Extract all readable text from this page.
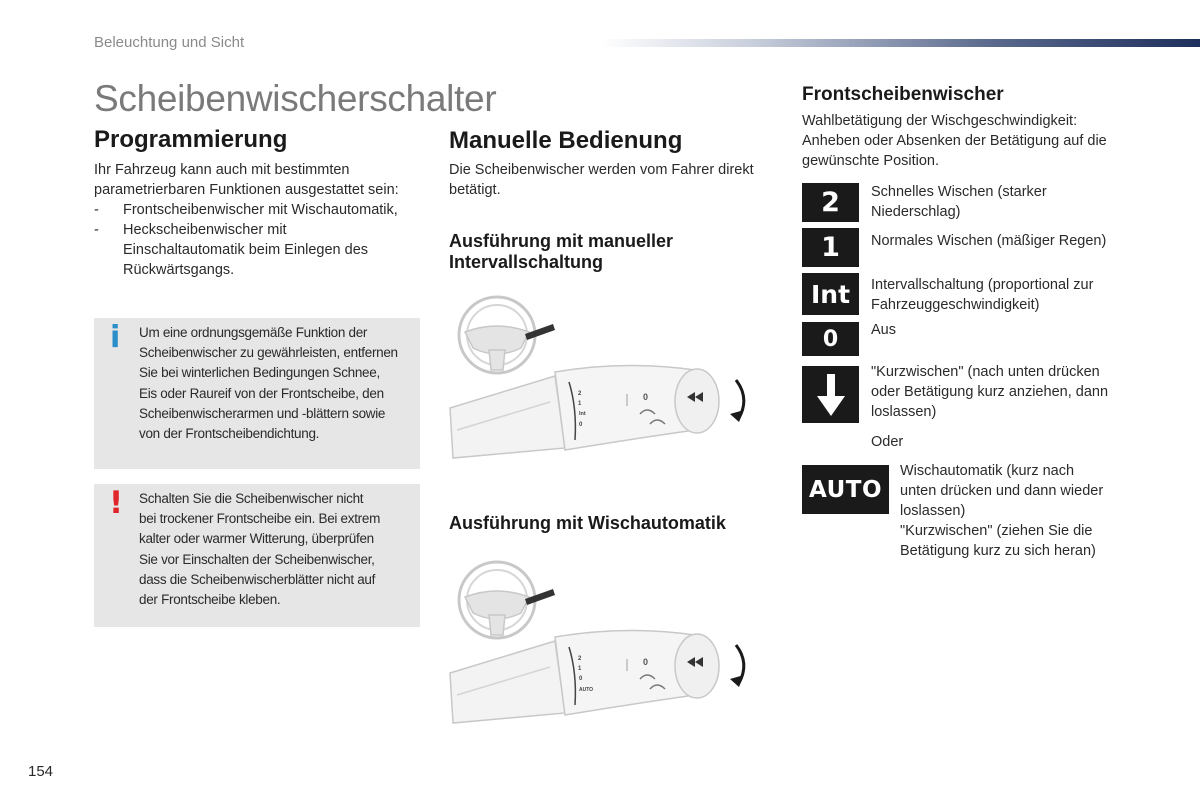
Beleuchtung und Sicht
Scheibenwischerschalter
Programmierung
Ihr Fahrzeug kann auch mit bestimmten
parametrierbaren Funktionen ausgestattet sein:
-	Frontscheibenwischer mit Wischautomatik,
-	Heckscheibenwischer mit
Einschaltautomatik beim Einlegen des
Rückwärtsgangs.
i Um eine ordnungsgemäße Funktion der
Scheibenwischer zu gewährleisten, entfernen
Sie bei winterlichen Bedingungen Schnee,
Eis oder Raureif von der Frontscheibe, den
Scheibenwischerarmen und -blättern sowie
von der Frontscheibendichtung.
! Schalten Sie die Scheibenwischer nicht
bei trockener Frontscheibe ein. Bei extrem
kalter oder warmer Witterung, überprüfen
Sie vor Einschalten der Scheibenwischer,
dass die Scheibenwischerblätter nicht auf
der Frontscheibe kleben.
Manuelle Bedienung
Die Scheibenwischer werden vom Fahrer direkt
betätigt.
Ausführung mit manueller
Intervallschaltung
2
1
Int
0
0
Ausführung mit Wischautomatik
2
1
0
AUTO
0
Frontscheibenwischer
Wahlbetätigung der Wischgeschwindigkeit:
Anheben oder Absenken der Betätigung auf die
gewünschte Position.
2	Schnelles Wischen (starker
Niederschlag)
1	Normales Wischen (mäßiger Regen)
Int	Intervallschaltung (proportional zur
Fahrzeuggeschwindigkeit)
0	Aus
"Kurzwischen" (nach unten drücken
oder Betätigung kurz anziehen, dann
loslassen)
Oder
AUTO
Wischautomatik (kurz nach
unten drücken und dann wieder
loslassen)
"Kurzwischen" (ziehen Sie die
Betätigung kurz zu sich heran)
154
